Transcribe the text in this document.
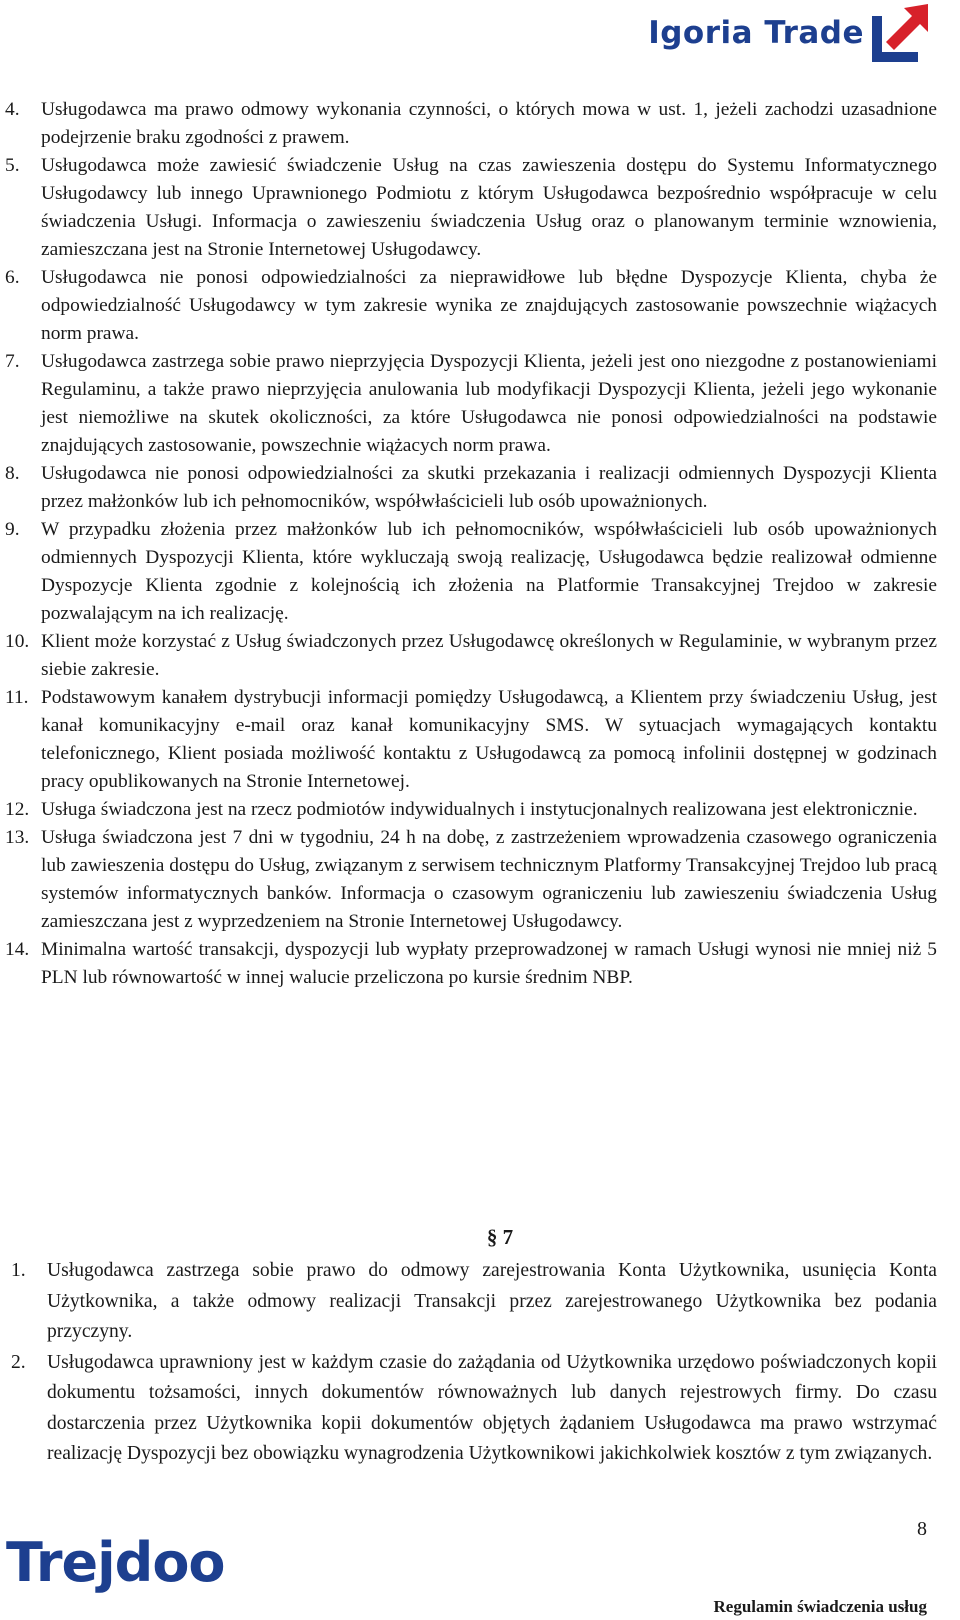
Igoria Trade
4. Usługodawca ma prawo odmowy wykonania czynności, o których mowa w ust. 1, jeżeli zachodzi uzasadnione podejrzenie braku zgodności z prawem.
5. Usługodawca może zawiesić świadczenie Usług na czas zawieszenia dostępu do Systemu Informatycznego Usługodawcy lub innego Uprawnionego Podmiotu z którym Usługodawca bezpośrednio współpracuje w celu świadczenia Usługi. Informacja o zawieszeniu świadczenia Usług oraz o planowanym terminie wznowienia, zamieszczana jest na Stronie Internetowej Usługodawcy.
6. Usługodawca nie ponosi odpowiedzialności za nieprawidłowe lub błędne Dyspozycje Klienta, chyba że odpowiedzialność Usługodawcy w tym zakresie wynika ze znajdujących zastosowanie powszechnie wiążacych norm prawa.
7. Usługodawca zastrzega sobie prawo nieprzyjęcia Dyspozycji Klienta, jeżeli jest ono niezgodne z postanowieniami Regulaminu, a także prawo nieprzyjęcia anulowania lub modyfikacji Dyspozycji Klienta, jeżeli jego wykonanie jest niemożliwe na skutek okoliczności, za które Usługodawca nie ponosi odpowiedzialności na podstawie znajdujących zastosowanie, powszechnie wiążacych norm prawa.
8. Usługodawca nie ponosi odpowiedzialności za skutki przekazania i realizacji odmiennych Dyspozycji Klienta przez małżonków lub ich pełnomocników, współwłaścicieli lub osób upoważnionych.
9. W przypadku złożenia przez małżonków lub ich pełnomocników, współwłaścicieli lub osób upoważnionych odmiennych Dyspozycji Klienta, które wykluczają swoją realizację, Usługodawca będzie realizował odmienne Dyspozycje Klienta zgodnie z kolejnością ich złożenia na Platformie Transakcyjnej Trejdoo w zakresie pozwalającym na ich realizację.
10. Klient może korzystać z Usług świadczonych przez Usługodawcę określonych w Regulaminie, w wybranym przez siebie zakresie.
11. Podstawowym kanałem dystrybucji informacji pomiędzy Usługodawcą, a Klientem przy świadczeniu Usług, jest kanał komunikacyjny e-mail oraz kanał komunikacyjny SMS. W sytuacjach wymagających kontaktu telefonicznego, Klient posiada możliwość kontaktu z Usługodawcą za pomocą infolinii dostępnej w godzinach pracy opublikowanych na Stronie Internetowej.
12. Usługa świadczona jest na rzecz podmiotów indywidualnych i instytucjonalnych realizowana jest elektronicznie.
13. Usługa świadczona jest 7 dni w tygodniu, 24 h na dobę, z zastrzeżeniem wprowadzenia czasowego ograniczenia lub zawieszenia dostępu do Usług, związanym z serwisem technicznym Platformy Transakcyjnej Trejdoo lub pracą systemów informatycznych banków. Informacja o czasowym ograniczeniu lub zawieszeniu świadczenia Usług zamieszczana jest z wyprzedzeniem na Stronie Internetowej Usługodawcy.
14. Minimalna wartość transakcji, dyspozycji lub wypłaty przeprowadzonej w ramach Usługi wynosi nie mniej niż 5 PLN lub równowartość w innej walucie przeliczona po kursie średnim NBP.
§ 7
1. Usługodawca zastrzega sobie prawo do odmowy zarejestrowania Konta Użytkownika, usunięcia Konta Użytkownika, a także odmowy realizacji Transakcji przez zarejestrowanego Użytkownika bez podania przyczyny.
2. Usługodawca uprawniony jest w każdym czasie do zażądania od Użytkownika urzędowo poświadczonych kopii dokumentu tożsamości, innych dokumentów równoważnych lub danych rejestrowych firmy. Do czasu dostarczenia przez Użytkownika kopii dokumentów objętych żądaniem Usługodawca ma prawo wstrzymać realizację Dyspozycji bez obowiązku wynagrodzenia Użytkownikowi jakichkolwiek kosztów z tym związanych.
8
Trejdoo
Regulamin świadczenia usług
